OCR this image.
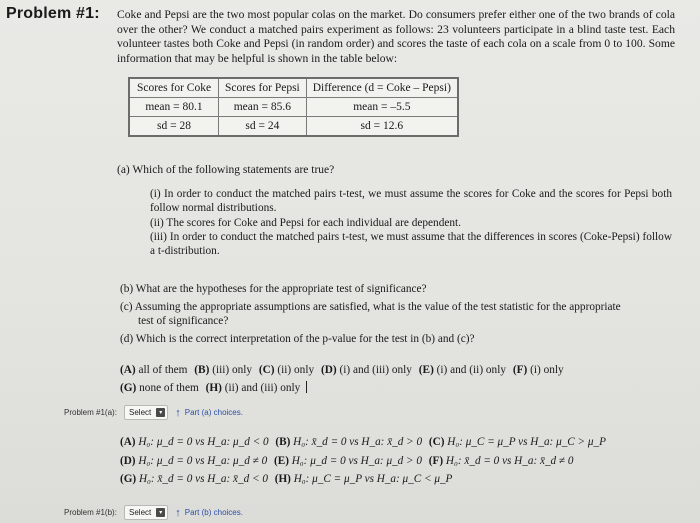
Problem #1: Coke and Pepsi are the two most popular colas on the market. Do consumers prefer either one of the two brands of cola over the other? We conduct a matched pairs experiment as follows: 23 volunteers participate in a blind taste test. Each volunteer tastes both Coke and Pepsi (in random order) and scores the taste of each cola on a scale from 0 to 100. Some information that may be helpful is shown in the table below:
Scores for Coke	Scores for Pepsi	Difference (d = Coke – Pepsi)
mean = 80.1	mean = 85.6	mean = –5.5
sd = 28	sd = 24	sd = 12.6
(a) Which of the following statements are true?
(i) In order to conduct the matched pairs t-test, we must assume the scores for Coke and the scores for Pepsi both follow normal distributions.
(ii) The scores for Coke and Pepsi for each individual are dependent.
(iii) In order to conduct the matched pairs t-test, we must assume that the differences in scores (Coke-Pepsi) follow a t-distribution.
(b) What are the hypotheses for the appropriate test of significance?
(c) Assuming the appropriate assumptions are satisfied, what is the value of the test statistic for the appropriate
test of significance?
(d) Which is the correct interpretation of the p-value for the test in (b) and (c)?
(A) all of them (B) (iii) only (C) (ii) only (D) (i) and (iii) only (E) (i) and (ii) only (F) (i) only
(G) none of them (H) (ii) and (iii) only
Problem #1(a):	Select	▾ ↑ Part (a) choices.
(A) H₀: μ_d = 0 vs H_a: μ_d < 0 (B) H₀: x̄_d = 0 vs H_a: x̄_d > 0 (C) H₀: μ_C = μ_P vs H_a: μ_C > μ_P
(D) H₀: μ_d = 0 vs H_a: μ_d ≠ 0 (E) H₀: μ_d = 0 vs H_a: μ_d > 0 (F) H₀: x̄_d = 0 vs H_a: x̄_d ≠ 0
(G) H₀: x̄_d = 0 vs H_a: x̄_d < 0 (H) H₀: μ_C = μ_P vs H_a: μ_C < μ_P
Problem #1(b):	Select	▾ ↑ Part (b) choices.
